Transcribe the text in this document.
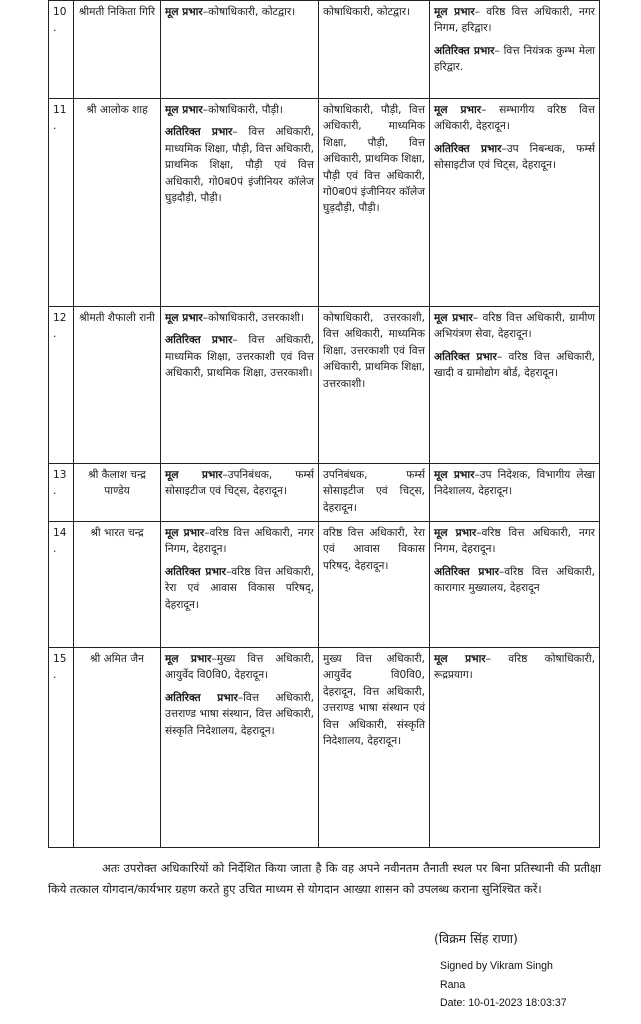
10.	श्रीमती निकिता गिरि	मूल प्रभार–कोषाधिकारी, कोटद्वार।	कोषाधिकारी, कोटद्वार।	मूल प्रभार– वरिष्ठ वित्त अधिकारी, नगर निगम, हरिद्वार।
अतिरिक्त प्रभार– वित्त नियंत्रक कुम्भ मेला हरिद्वार.

11.	श्री आलोक शाह	मूल प्रभार–कोषाधिकारी, पौड़ी।
अतिरिक्त प्रभार– वित्त अधिकारी, माध्यमिक शिक्षा, पौड़ी, वित्त अधिकारी, प्राथमिक शिक्षा, पौड़ी एवं वित्त अधिकारी, गो0ब0पं इंजीनियर कॉलेज घुड़दौड़ी, पौड़ी।	कोषाधिकारी, पौड़ी, वित्त अधिकारी, माध्यमिक शिक्षा, पौड़ी, वित्त अधिकारी, प्राथमिक शिक्षा, पौड़ी एवं वित्त अधिकारी, गो0ब0पं इंजीनियर कॉलेज घुड़दौड़ी, पौड़ी।	मूल प्रभार– सम्भागीय वरिष्ठ वित्त अधिकारी, देहरादून।
अतिरिक्त प्रभार–उप निबन्धक, फर्म्स सोसाइटीज एवं चिट्स, देहरादून।

12.	श्रीमती शैफाली रानी	मूल प्रभार–कोषाधिकारी, उत्तरकाशी।
अतिरिक्त प्रभार– वित्त अधिकारी, माध्यमिक शिक्षा, उत्तरकाशी एवं वित्त अधिकारी, प्राथमिक शिक्षा, उत्तरकाशी।	कोषाधिकारी, उत्तरकाशी, वित्त अधिकारी, माध्यमिक शिक्षा, उत्तरकाशी एवं वित्त अधिकारी, प्राथमिक शिक्षा, उत्तरकाशी।	मूल प्रभार– वरिष्ठ वित्त अधिकारी, ग्रामीण अभियंत्रण सेवा, देहरादून।
अतिरिक्त प्रभार– वरिष्ठ वित्त अधिकारी, खादी व ग्रामोद्योग बोर्ड, देहरादून।

13.	श्री कैलाश चन्द्र पाण्डेय	मूल प्रभार–उपनिबंधक, फर्म्स सोसाइटीज एवं चिट्स, देहरादून।	उपनिबंधक, फर्म्स सोसाइटीज एवं चिट्स, देहरादून।	मूल प्रभार–उप निदेशक, विभागीय लेखा निदेशालय, देहरादून।

14.	श्री भारत चन्द्र	मूल प्रभार–वरिष्ठ वित्त अधिकारी, नगर निगम, देहरादून।
अतिरिक्त प्रभार–वरिष्ठ वित्त अधिकारी, रेरा एवं आवास विकास परिषद्, देहरादून।	वरिष्ठ वित्त अधिकारी, रेरा एवं आवास विकास परिषद्, देहरादून।	मूल प्रभार–वरिष्ठ वित्त अधिकारी, नगर निगम, देहरादून।
अतिरिक्त प्रभार–वरिष्ठ वित्त अधिकारी, कारागार मुख्यालय, देहरादून

15.	श्री अमित जैन	मूल प्रभार–मुख्य वित्त अधिकारी, आयुर्वेद वि0वि0, देहरादून।
अतिरिक्त प्रभार–वित्त अधिकारी, उत्तराण्ड भाषा संस्थान, वित्त अधिकारी, संस्कृति निदेशालय, देहरादून।	मुख्य वित्त अधिकारी, आयुर्वेद वि0वि0, देहरादून, वित्त अधिकारी, उत्तराण्ड भाषा संस्थान एवं वित्त अधिकारी, संस्कृति निदेशालय, देहरादून।	मूल प्रभार– वरिष्ठ कोषाधिकारी, रूद्रप्रयाग।
अतः उपरोक्त अधिकारियों को निर्देशित किया जाता है कि वह अपने नवीनतम तैनाती स्थल पर बिना प्रतिस्थानी की प्रतीक्षा किये तत्काल योगदान/कार्यभार ग्रहण करते हुए उचित माध्यम से योगदान आख्या शासन को उपलब्ध कराना सुनिश्चित करें।
(विक्रम सिंह राणा)
Signed by Vikram Singh
Rana
Date: 10-01-2023 18:03:37
